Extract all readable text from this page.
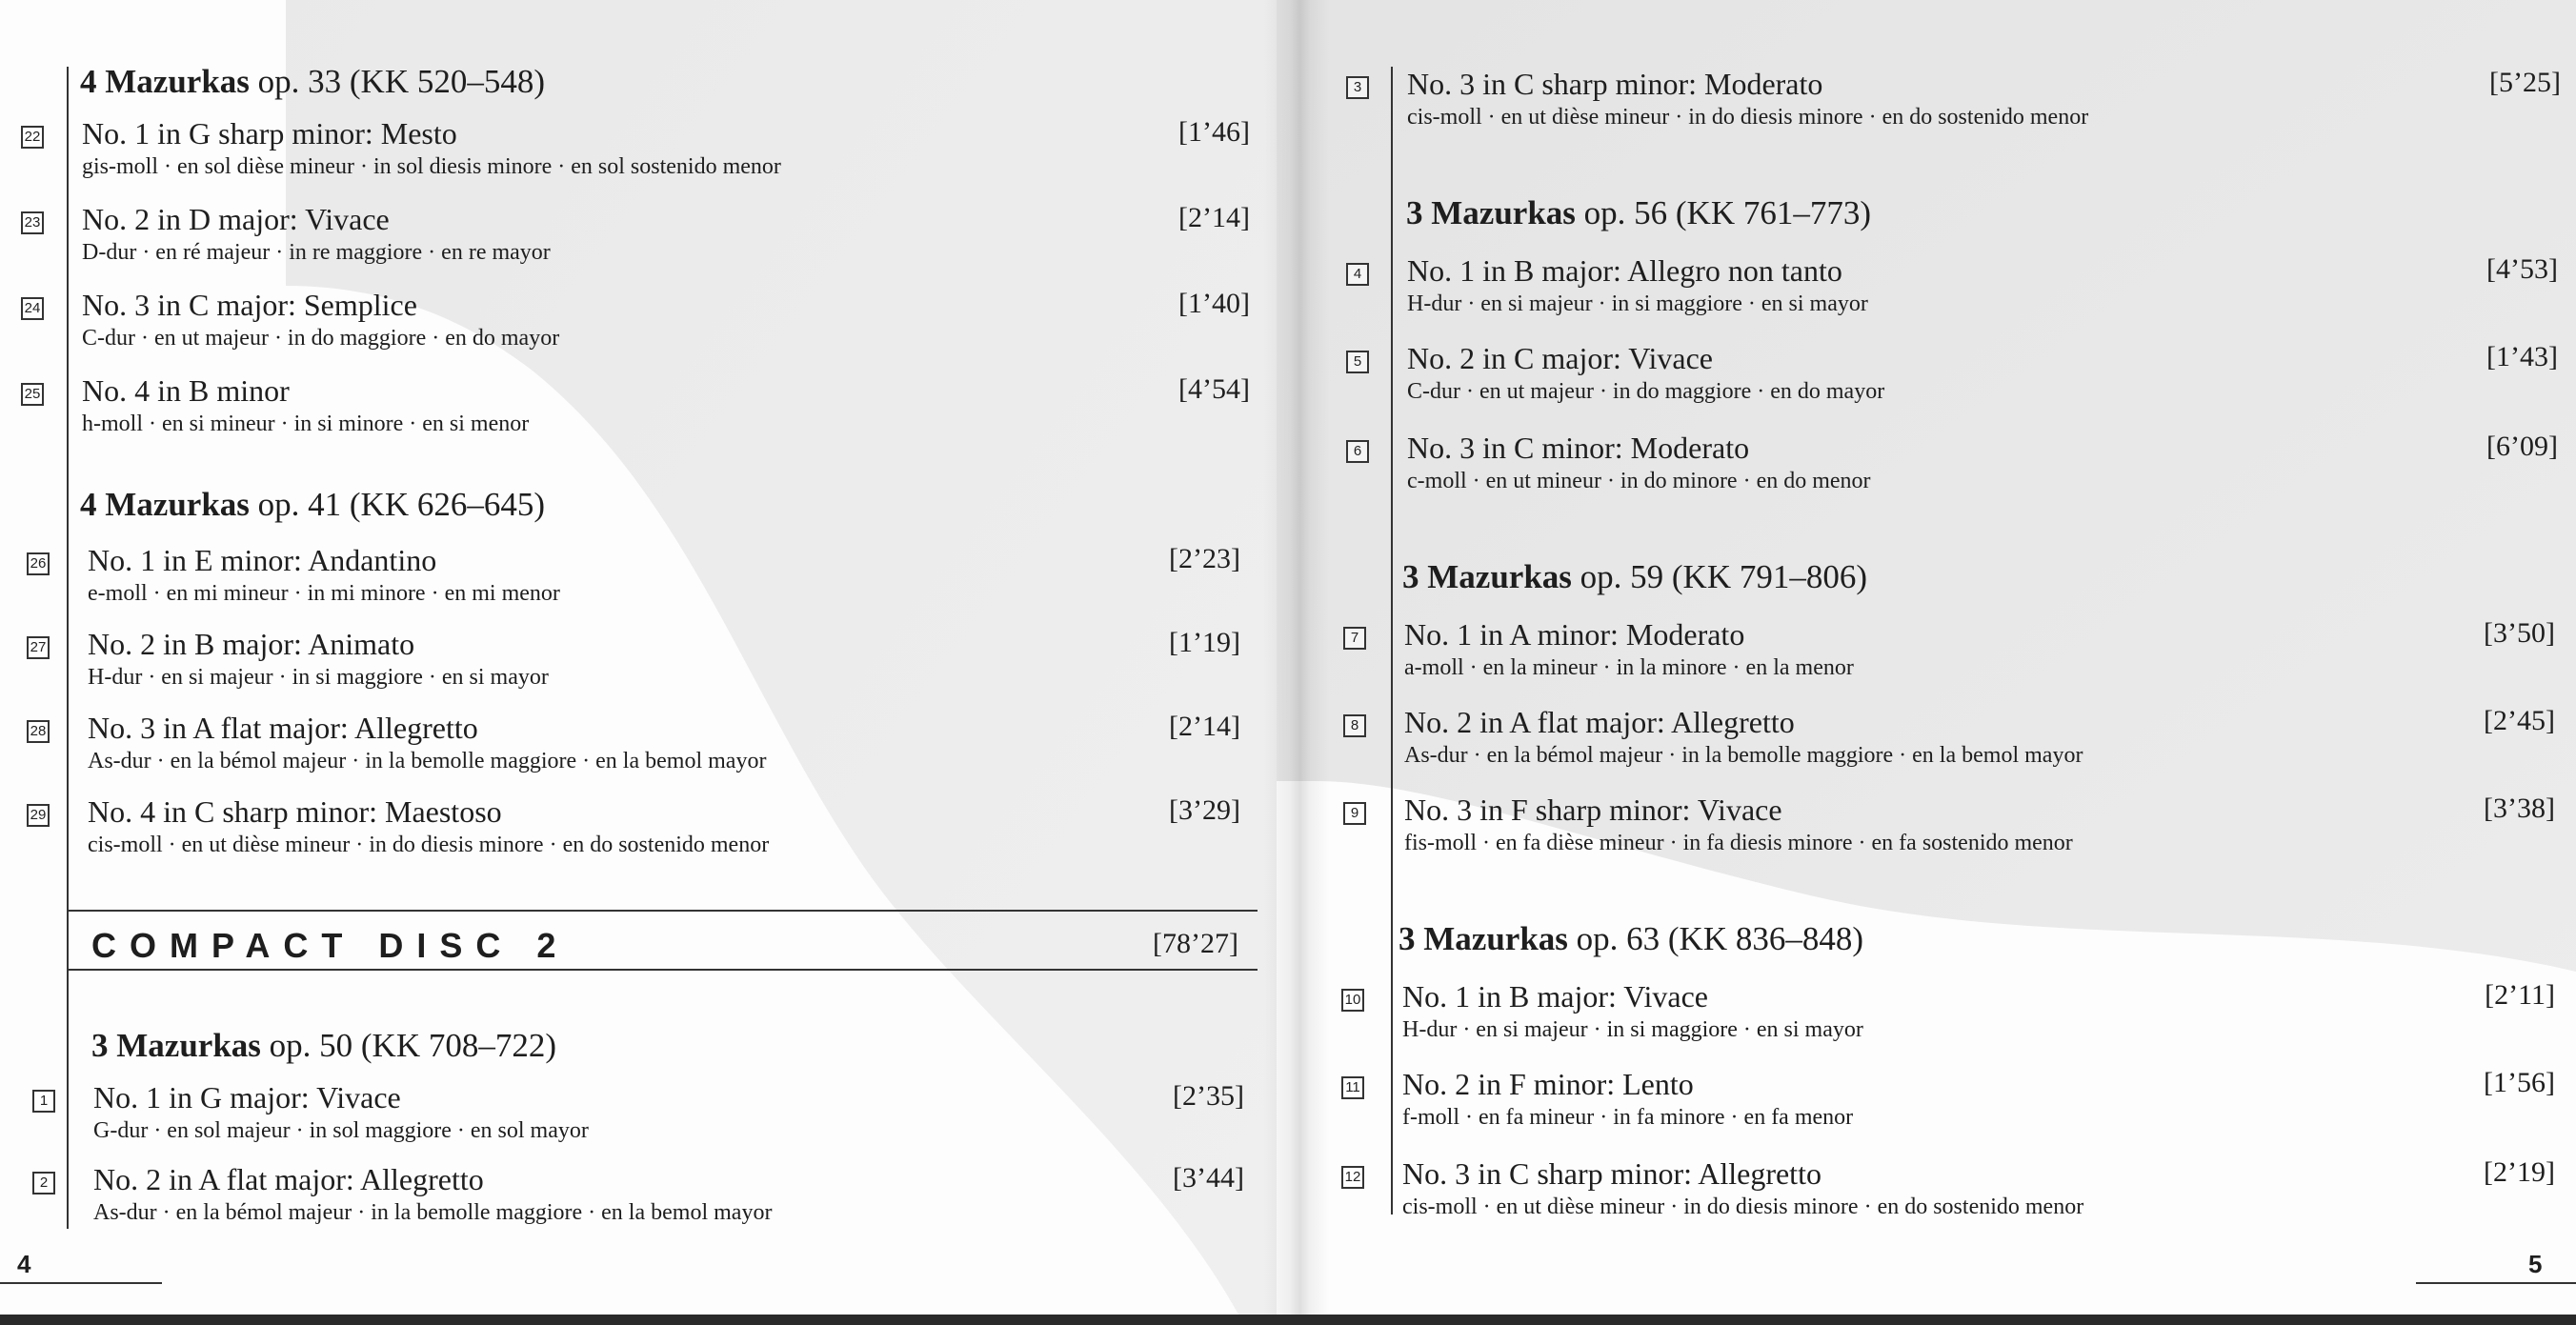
4 Mazurkas op. 33 (KK 520–548)
22 No. 1 in G sharp minor: Mesto
gis-moll · en sol dièse mineur · in sol diesis minore · en sol sostenido menor
[1’46]
23 No. 2 in D major: Vivace
D-dur · en ré majeur · in re maggiore · en re mayor
[2’14]
24 No. 3 in C major: Semplice
C-dur · en ut majeur · in do maggiore · en do mayor
[1’40]
25 No. 4 in B minor
h-moll · en si mineur · in si minore · en si menor
[4’54]
4 Mazurkas op. 41 (KK 626–645)
26 No. 1 in E minor: Andantino
e-moll · en mi mineur · in mi minore · en mi menor
[2’23]
27 No. 2 in B major: Animato
H-dur · en si majeur · in si maggiore · en si mayor
[1’19]
28 No. 3 in A flat major: Allegretto
As-dur · en la bémol majeur · in la bemolle maggiore · en la bemol mayor
[2’14]
29 No. 4 in C sharp minor: Maestoso
cis-moll · en ut dièse mineur · in do diesis minore · en do sostenido menor
[3’29]
COMPACT DISC 2	[78’27]
3 Mazurkas op. 50 (KK 708–722)
1 No. 1 in G major: Vivace
G-dur · en sol majeur · in sol maggiore · en sol mayor
[2’35]
2 No. 2 in A flat major: Allegretto
As-dur · en la bémol majeur · in la bemolle maggiore · en la bemol mayor
[3’44]
4
3 No. 3 in C sharp minor: Moderato
cis-moll · en ut dièse mineur · in do diesis minore · en do sostenido menor
[5’25]
3 Mazurkas op. 56 (KK 761–773)
4 No. 1 in B major: Allegro non tanto
H-dur · en si majeur · in si maggiore · en si mayor
[4’53]
5 No. 2 in C major: Vivace
C-dur · en ut majeur · in do maggiore · en do mayor
[1’43]
6 No. 3 in C minor: Moderato
c-moll · en ut mineur · in do minore · en do menor
[6’09]
3 Mazurkas op. 59 (KK 791–806)
7 No. 1 in A minor: Moderato
a-moll · en la mineur · in la minore · en la menor
[3’50]
8 No. 2 in A flat major: Allegretto
As-dur · en la bémol majeur · in la bemolle maggiore · en la bemol mayor
[2’45]
9 No. 3 in F sharp minor: Vivace
fis-moll · en fa dièse mineur · in fa diesis minore · en fa sostenido menor
[3’38]
3 Mazurkas op. 63 (KK 836–848)
10 No. 1 in B major: Vivace
H-dur · en si majeur · in si maggiore · en si mayor
[2’11]
11 No. 2 in F minor: Lento
f-moll · en fa mineur · in fa minore · en fa menor
[1’56]
12 No. 3 in C sharp minor: Allegretto
cis-moll · en ut dièse mineur · in do diesis minore · en do sostenido menor
[2’19]
5
